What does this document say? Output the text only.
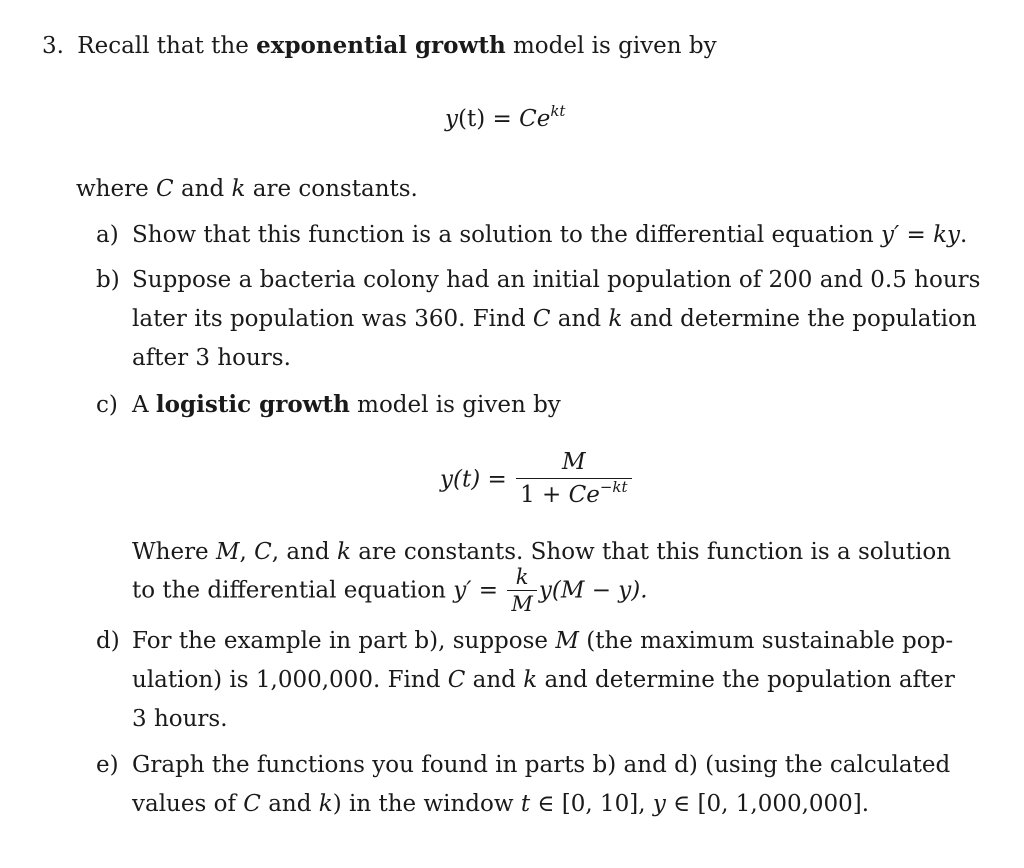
3. Recall that the exponential growth model is given by
$y(t) = Ce^{kt}$
where C and k are constants.
a) Show that this function is a solution to the differential equation y′ = ky.
b) Suppose a bacteria colony had an initial population of 200 and 0.5 hours
later its population was 360. Find C and k and determine the population
after 3 hours.
c) A logistic growth model is given by
$y(t) = \frac{M}{1 + Ce^{-kt}}$
Where M, C, and k are constants. Show that this function is a solution
to the differential equation $y' = \frac{k}{M} y(M - y)$.
d) For the example in part b), suppose M (the maximum sustainable pop-
ulation) is 1,000,000. Find C and k and determine the population after
3 hours.
e) Graph the functions you found in parts b) and d) (using the calculated
values of C and k) in the window t ∈ [0, 10], y ∈ [0, 1,000,000].
